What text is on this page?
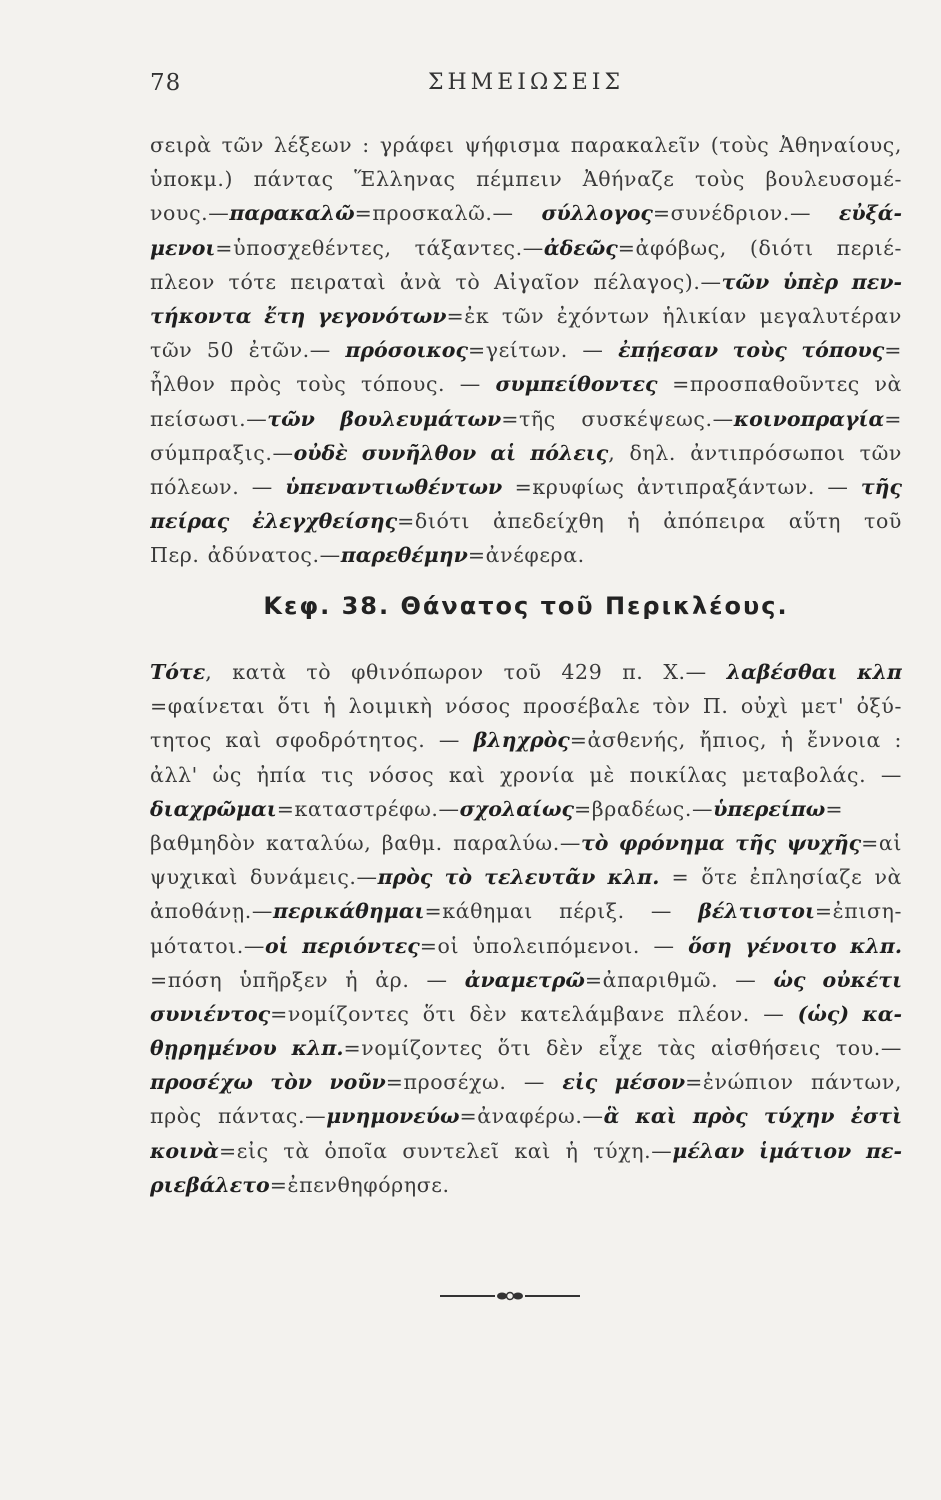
78	ΣΗΜΕΙΩΣΕΙΣ
σειρὰ τῶν λέξεων : γράφει ψήφισμα παρακαλεῖν (τοὺς Ἀθηναίους,
ὑποκμ.) πάντας Ἕλληνας πέμπειν Ἀθήναζε τοὺς βουλευσομέ-
νους.—παρακαλῶ=προσκαλῶ.— σύλλογος=συνέδριον.— εὐξά-
μενοι=ὑποσχεθέντες, τάξαντες.—ἀδεῶς=ἀφόβως, (διότι περιέ-
πλεον τότε πειραταὶ ἀνὰ τὸ Αἰγαῖον πέλαγος).—τῶν ὑπὲρ πεν-
τήκοντα ἔτη γεγονότων=ἐκ τῶν ἐχόντων ἡλικίαν μεγαλυτέραν
τῶν 50 ἐτῶν.— πρόσοικος=γείτων. — ἐπῄεσαν τοὺς τόπους=
ἦλθον πρὸς τοὺς τόπους. — συμπείθοντες =προσπαθοῦντες νὰ
πείσωσι.—τῶν βουλευμάτων=τῆς συσκέψεως.—κοινοπραγία=
σύμπραξις.—οὐδὲ συνῆλθον αἱ πόλεις, δηλ. ἀντιπρόσωποι τῶν
πόλεων. — ὑπεναντιωθέντων =κρυφίως ἀντιπραξάντων. — τῆς
πείρας ἐλεγχθείσης=διότι ἀπεδείχθη ἡ ἀπόπειρα αὕτη τοῦ
Περ. ἀδύνατος.—παρεθέμην=ἀνέφερα.
Κεφ. 38. Θάνατος τοῦ Περικλέους.
Τότε, κατὰ τὸ φθινόπωρον τοῦ 429 π. Χ.— λαβέσθαι κλπ
=φαίνεται ὅτι ἡ λοιμικὴ νόσος προσέβαλε τὸν Π. οὐχὶ μετ' ὀξύ-
τητος καὶ σφοδρότητος. — βληχρὸς=ἀσθενής, ἤπιος, ἡ ἔννοια :
ἀλλ' ὡς ἠπία τις νόσος καὶ χρονία μὲ ποικίλας μεταβολάς. —
διαχρῶμαι=καταστρέφω.—σχολαίως=βραδέως.—ὑπερείπω=
βαθμηδὸν καταλύω, βαθμ. παραλύω.—τὸ φρόνημα τῆς ψυχῆς=αἱ
ψυχικαὶ δυνάμεις.—πρὸς τὸ τελευτᾶν κλπ. = ὅτε ἐπλησίαζε νὰ
ἀποθάνῃ.—περικάθημαι=κάθημαι πέριξ. — βέλτιστοι=ἐπιση-
μότατοι.—οἱ περιόντες=οἱ ὑπολειπόμενοι. — ὅση γένοιτο κλπ.
=πόση ὑπῆρξεν ἡ ἀρ. — ἀναμετρῶ=ἀπαριθμῶ. — ὡς οὐκέτι
συνιέντος=νομίζοντες ὅτι δὲν κατελάμβανε πλέον. — (ὡς) κα-
θῃρημένου κλπ.=νομίζοντες ὅτι δὲν εἶχε τὰς αἰσθήσεις του.—
προσέχω τὸν νοῦν=προσέχω. — εἰς μέσον=ἐνώπιον πάντων,
πρὸς πάντας.—μνημονεύω=ἀναφέρω.—ἃ καὶ πρὸς τύχην ἐστὶ
κοινὰ=εἰς τὰ ὁποῖα συντελεῖ καὶ ἡ τύχη.—μέλαν ἱμάτιον πε-
ριεβάλετο=ἐπενθηφόρησε.
